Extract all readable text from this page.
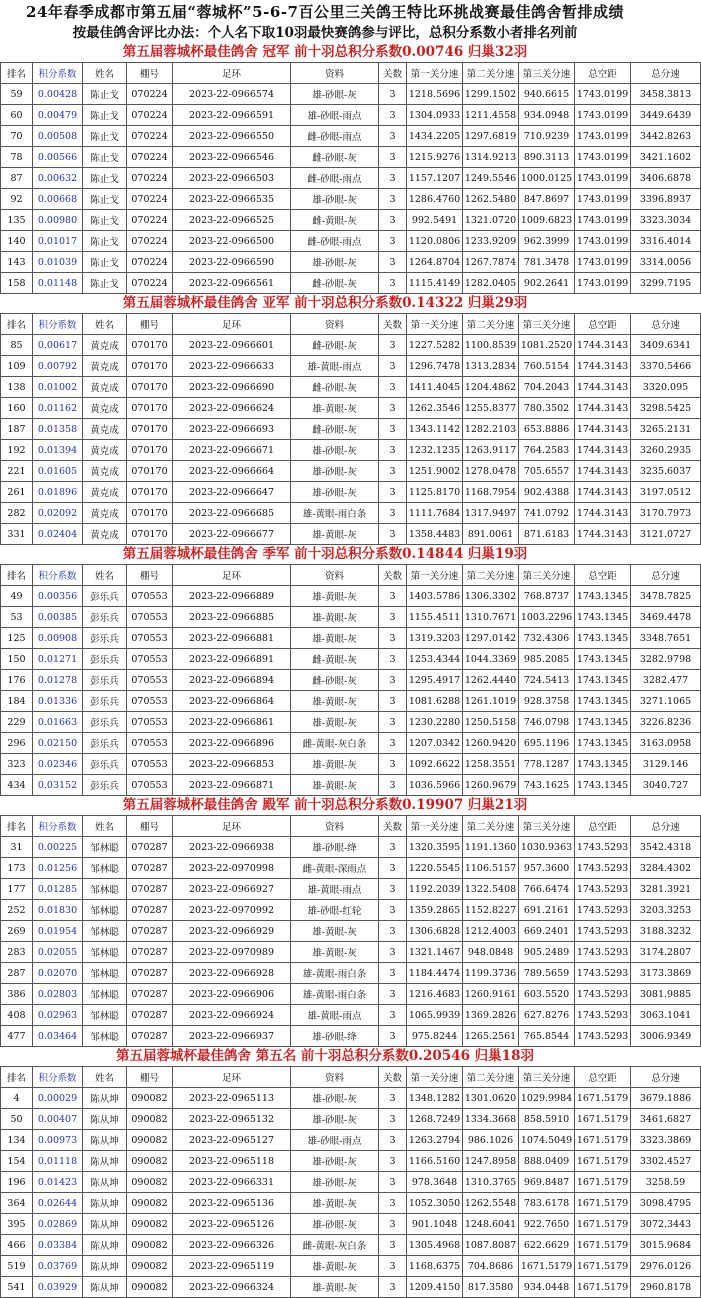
24年春季成都市第五届“蓉城杯”5-6-7百公里三关鸽王特比环挑战赛最佳鸽舍暂排成绩
按最佳鸽舍评比办法：个人名下取10羽最快赛鸽参与评比，总积分系数小者排名列前
第五届蓉城杯最佳鸽舍 冠军 前十羽总积分系数0.00746 归巢32羽
排名	积分系数	姓名	棚号	足环	资料	关数	第一关分速	第二关分速	第三关分速	总空距	总分速
59	0.00428	陈止戈	070224	2023-22-0966574	雄-砂眼-灰	3	1218.5696	1299.1502	940.6615	1743.0199	3458.3813
60	0.00479	陈止戈	070224	2023-22-0966591	雄-砂眼-雨点	3	1304.0933	1211.4558	934.0948	1743.0199	3449.6439
70	0.00508	陈止戈	070224	2023-22-0966550	雌-砂眼-雨点	3	1434.2205	1297.6819	710.9239	1743.0199	3442.8263
78	0.00566	陈止戈	070224	2023-22-0966546	雌-砂眼-灰	3	1215.9276	1314.9213	890.3113	1743.0199	3421.1602
87	0.00632	陈止戈	070224	2023-22-0966503	雌-砂眼-雨点	3	1157.1207	1249.5546	1000.0125	1743.0199	3406.6878
92	0.00668	陈止戈	070224	2023-22-0966535	雄-砂眼-灰	3	1286.4760	1262.5480	847.8697	1743.0199	3396.8937
135	0.00980	陈止戈	070224	2023-22-0966525	雌-黄眼-灰	3	992.5491	1321.0720	1009.6823	1743.0199	3323.3034
140	0.01017	陈止戈	070224	2023-22-0966500	雌-砂眼-雨点	3	1120.0806	1233.9209	962.3999	1743.0199	3316.4014
143	0.01039	陈止戈	070224	2023-22-0966590	雄-砂眼-灰	3	1264.8704	1267.7874	781.3478	1743.0199	3314.0056
158	0.01148	陈止戈	070224	2023-22-0966561	雌-砂眼-灰	3	1115.4149	1282.0405	902.2641	1743.0199	3299.7195
第五届蓉城杯最佳鸽舍 亚军 前十羽总积分系数0.14322 归巢29羽
排名	积分系数	姓名	棚号	足环	资料	关数	第一关分速	第二关分速	第三关分速	总空距	总分速
85	0.00617	黄克成	070170	2023-22-0966601	雌-砂眼-灰	3	1227.5282	1100.8539	1081.2520	1744.3143	3409.6341
109	0.00792	黄克成	070170	2023-22-0966633	雄-黄眼-雨点	3	1296.7478	1313.2834	760.5154	1744.3143	3370.5466
138	0.01002	黄克成	070170	2023-22-0966690	雌-砂眼-灰	3	1411.4045	1204.4862	704.2043	1744.3143	3320.095
160	0.01162	黄克成	070170	2023-22-0966624	雄-黄眼-灰	3	1262.3546	1255.8377	780.3502	1744.3143	3298.5425
187	0.01358	黄克成	070170	2023-22-0966693	雌-砂眼-灰	3	1343.1142	1282.2103	653.8886	1744.3143	3265.2131
192	0.01394	黄克成	070170	2023-22-0966671	雄-砂眼-灰	3	1232.1235	1263.9117	764.2583	1744.3143	3260.2935
221	0.01605	黄克成	070170	2023-22-0966664	雄-砂眼-灰	3	1251.9002	1278.0478	705.6557	1744.3143	3235.6037
261	0.01896	黄克成	070170	2023-22-0966647	雄-砂眼-灰	3	1125.8170	1168.7954	902.4388	1744.3143	3197.0512
282	0.02092	黄克成	070170	2023-22-0966685	雄-黄眼-雨白条	3	1111.7684	1317.9497	741.0792	1744.3143	3170.7973
331	0.02404	黄克成	070170	2023-22-0966677	雄-黄眼-灰	3	1358.4483	891.0061	871.6183	1744.3143	3121.0727
第五届蓉城杯最佳鸽舍 季军 前十羽总积分系数0.14844 归巢19羽
排名	积分系数	姓名	棚号	足环	资料	关数	第一关分速	第二关分速	第三关分速	总空距	总分速
49	0.00356	彭乐兵	070553	2023-22-0966889	雄-黄眼-灰	3	1403.5786	1306.3302	768.8737	1743.1345	3478.7825
53	0.00385	彭乐兵	070553	2023-22-0966885	雄-黄眼-灰	3	1155.4511	1310.7671	1003.2296	1743.1345	3469.4478
125	0.00908	彭乐兵	070553	2023-22-0966881	雄-黄眼-灰	3	1319.3203	1297.0142	732.4306	1743.1345	3348.7651
150	0.01271	彭乐兵	070553	2023-22-0966891	雌-黄眼-灰	3	1253.4344	1044.3369	985.2085	1743.1345	3282.9798
176	0.01278	彭乐兵	070553	2023-22-0966894	雌-砂眼-灰	3	1295.4917	1262.4440	724.5413	1743.1345	3282.477
184	0.01336	彭乐兵	070553	2023-22-0966864	雄-黄眼-灰	3	1081.6288	1261.1019	928.3758	1743.1345	3271.1065
229	0.01663	彭乐兵	070553	2023-22-0966861	雄-黄眼-灰	3	1230.2280	1250.5158	746.0798	1743.1345	3226.8236
296	0.02150	彭乐兵	070553	2023-22-0966896	雌-黄眼-灰白条	3	1207.0342	1260.9420	695.1196	1743.1345	3163.0958
323	0.02346	彭乐兵	070553	2023-22-0966853	雄-黄眼-灰	3	1092.6622	1258.3551	778.1287	1743.1345	3129.146
434	0.03152	彭乐兵	070553	2023-22-0966871	雄-黄眼-灰	3	1036.5966	1260.9679	743.1625	1743.1345	3040.727
第五届蓉城杯最佳鸽舍 殿军 前十羽总积分系数0.19907 归巢21羽
排名	积分系数	姓名	棚号	足环	资料	关数	第一关分速	第二关分速	第三关分速	总空距	总分速
31	0.00225	邹林聪	070287	2023-22-0966938	雄-砂眼-绛	3	1320.3595	1191.1360	1030.9363	1743.5293	3542.4318
173	0.01256	邹林聪	070287	2023-22-0970998	雌-黄眼-深雨点	3	1220.5545	1106.5157	957.3600	1743.5293	3284.4302
177	0.01285	邹林聪	070287	2023-22-0966927	雄-黄眼-雨点	3	1192.2039	1322.5408	766.6474	1743.5293	3281.3921
252	0.01830	邹林聪	070287	2023-22-0970992	雄-砂眼-红轮	3	1359.2865	1152.8227	691.2161	1743.5293	3203.3253
269	0.01954	邹林聪	070287	2023-22-0966929	雄-黄眼-灰	3	1306.6828	1212.4003	669.2401	1743.5293	3188.3232
283	0.02055	邹林聪	070287	2023-22-0970989	雄-黄眼-灰	3	1321.1467	948.0848	905.2489	1743.5293	3174.2807
287	0.02070	邹林聪	070287	2023-22-0966928	雄-黄眼-雨白条	3	1184.4474	1199.3736	789.5659	1743.5293	3173.3869
386	0.02803	邹林聪	070287	2023-22-0966906	雄-黄眼-雨白条	3	1216.4683	1260.9161	603.5520	1743.5293	3081.9885
408	0.02963	邹林聪	070287	2023-22-0966924	雄-黄眼-雨点	3	1065.9939	1369.2826	627.8276	1743.5293	3063.1041
477	0.03464	邹林聪	070287	2023-22-0966937	雄-砂眼-绛	3	975.8244	1265.2561	765.8544	1743.5293	3006.9349
第五届蓉城杯最佳鸽舍 第五名 前十羽总积分系数0.20546 归巢18羽
排名	积分系数	姓名	棚号	足环	资料	关数	第一关分速	第二关分速	第三关分速	总空距	总分速
4	0.00029	陈从坤	090082	2023-22-0965113	雄-砂眼-灰	3	1348.1282	1301.0620	1029.9984	1671.5179	3679.1886
50	0.00407	陈从坤	090082	2023-22-0965132	雄-砂眼-灰	3	1268.7249	1334.3668	858.5910	1671.5179	3461.6827
134	0.00973	陈从坤	090082	2023-22-0965127	雄-砂眼-雨点	3	1263.2794	986.1026	1074.5049	1671.5179	3323.3869
154	0.01118	陈从坤	090082	2023-22-0965118	雄-砂眼-灰	3	1166.5160	1247.8958	888.0409	1671.5179	3302.4527
196	0.01423	陈从坤	090082	2023-22-0966331	雄-砂眼-灰	3	978.3648	1310.3765	969.8487	1671.5179	3258.59
364	0.02644	陈从坤	090082	2023-22-0965136	雄-黄眼-灰	3	1052.3050	1262.5548	783.6178	1671.5179	3098.4795
395	0.02869	陈从坤	090082	2023-22-0965126	雄-砂眼-灰	3	901.1048	1248.6041	922.7650	1671.5179	3072.3443
466	0.03384	陈从坤	090082	2023-22-0966326	雌-黄眼-灰白条	3	1305.4968	1087.8087	622.6629	1671.5179	3015.9684
519	0.03769	陈从坤	090082	2023-22-0965119	雄-黄眼-灰	3	1168.6375	704.8686	1671.5179	1671.5179	2976.0126
541	0.03929	陈从坤	090082	2023-22-0966324	雄-黄眼-灰	3	1209.4150	817.3580	934.0448	1671.5179	2960.8178
